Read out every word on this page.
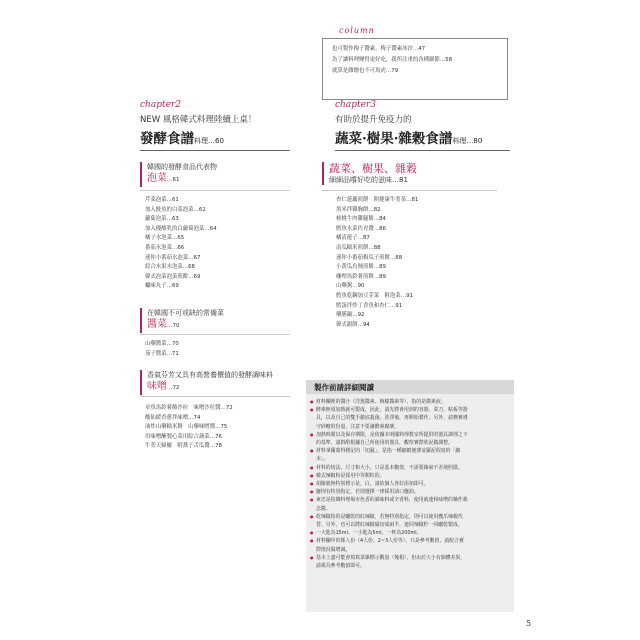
column
也可製作梅子醬素，梅子醬素冰沙…47
為了讓料理變得更好吃，我所注重的各種細節…58
就算是雜燴也不可馬虎…79
chapter2
NEW 風格韓式料理陸續上桌！
發酵食譜料理…60
chapter3
有助於提升免疫力的
蔬菜·樹果·雜穀食譜料理…80
韓國的發酵食品代表物
泡菜…61
芹菜泡菜…61
加入鮭魚的白菜泡菜…62
蘿蔔泡菜…63
加入優酪乳的白蘿蔔泡菜…64
橘子水泡菜…65
番茄水泡菜…66
迷你小番茄水泡菜…67
綜合水果水泡菜…68
韓式泡菜泡菜煎餅…69
蠟味丸子…69
在韓國不可或缺的常備菜
醬菜…70
山藥醬菜…70
茄子醬菜…71
香氣芬芳又具有高營養價值的發酵調味料
味噌…72
章魚馬鈴薯酪沙拉　味噌沙拉醬…72
酸仙緩香蔥拌味噌…74
油炸山藥糯米餅　山藥味噌醬…75
用味噌醃製心菜用綜合蔬菜…76
牛蒡天婦羅　附蕎子舌瓜醬…78
蔬菜、樹果、雜穀
細細品嚐好吃的滋味…81
杏仁蓮藕煎餅　附健康牛蒡茶…81
黑米拌雞胸餅…82
核桃牛肉雞腿餅…84
鱈魚水菜佐青醬…86
橘清蓮子…87
南瓜糯米煎餅…88
迷你小番茄梅瓜子煎餅…88
小黃瓜鳥賊煎餅…89
咖哩馬鈴薯煎餅…89
山藥粥…90
鱈魚乾鋼加豆芽菜　附泡菜…91
鱈蛋拌炒丁香魚和杏仁…91
藥膳鍋…92
韓式韻餅…94
製作前請詳細閱讀
● 材料欄裡的醬汁（洋葱醬素、梅檬醬素等），指的是醬素液。
● 酵素無須加熱就可製成，因此，請先將會用到的容器、菜刀、粘板等器
具，以及自己的雙手徹底殺菌。洗淨後，再開始製作。另外，請務實遵
守砂糖的份量，注意不要讓酵素腐壞。
● 加熱時間以及保存期限，是依據本明國料理教室所提供的器具調理之下
的基準，請斟酌根據自己所使用的器具，觀察實際狀況做調整。
● 材料拿蘿蔔得標記的「切濕」，是指一種細緻刨薄並蘿泥程度的「細
末」。
● 材料的切法、尺寸和大小，只是基本數值，不需要絲毫不差地照做。
● 韓式辣椒粉是採用中等類粒的。
● 胡椒就無特別標示是，白，請依個人喜好添加即可。
● 鹽則有特別指定，若則選擇一律採用濤口鹽油。
● 東忠是指韓料理場市色香的調味料或辛香料，使用就連和味噌的稱作義
念醬。
● 乾辣椒指的是曬乾的紅辣椒，若無特別指定，則可以使用鷹爪辣椒代
替。另外，也可以將紅辣椒磁切成兩半，連同辣椒籽一同曬乾製成。
● 一大匙為15ml、一小匙為5ml、一杯為200ml。
● 材料欄中的係人份（4人份、2~3人份等），只是參考數值，請配合實
際情況做增減。
● 基本上盡可能會寫寫菜雜標示數量（幾根），但由於大小有個體差異，
請視為參考數值即可。
5
